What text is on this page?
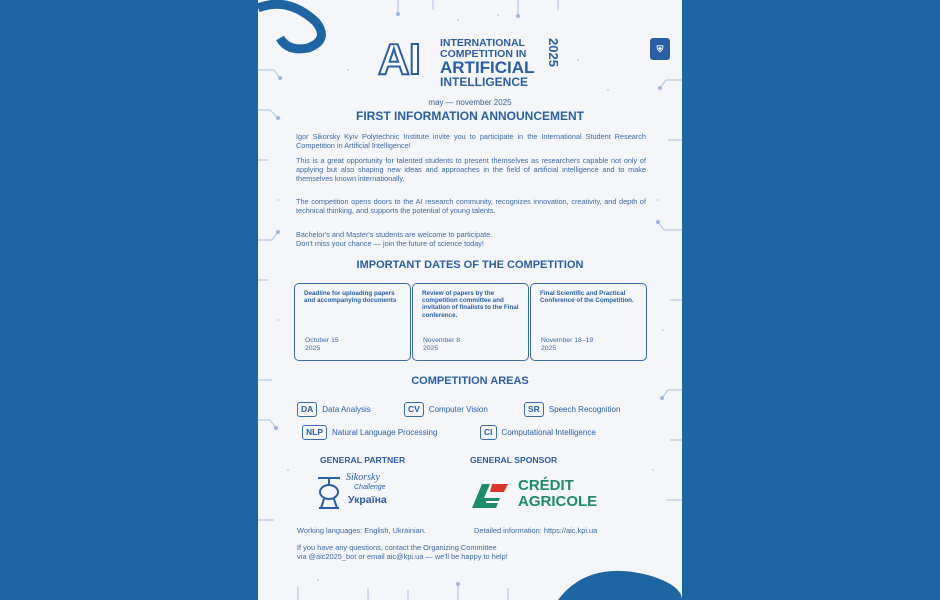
AI INTERNATIONAL
COMPETITION IN
ARTIFICIAL
INTELLIGENCE
2025	⛨
may — november 2025
FIRST INFORMATION ANNOUNCEMENT
Igor Sikorsky Kyiv Polytechnic Institute invite you to participate in the International Student Research Competition in Artificial Intelligence!
This is a great opportunity for talented students to present themselves as researchers capable not only of applying but also shaping new ideas and approaches in the field of artificial intelligence and to make themselves known internationally.
The competition opens doors to the AI research community, recognizes innovation, creativity, and depth of technical thinking, and supports the potential of young talents.
Bachelor's and Master's students are welcome to participate.
Don't miss your chance — join the future of science today!
IMPORTANT DATES OF THE COMPETITION
Deadline for uploading papers and accompanying documents
October 15
2025
Review of papers by the competition committee and invitation of finalists to the Final conference.
November 8
2025
Final Scientific and Practical Conference of the Competition.
November 18–19
2025
COMPETITION AREAS
DA	Data Analysis	CV	Computer Vision	SR	Speech Recognition
NLP	Natural Language Processing	CI	Computational Intelligence
GENERAL PARTNER	GENERAL SPONSOR
Sikorsky
Challenge
Україна
CRÉDIT
AGRICOLE
Working languages: English, Ukrainian.	Detailed information: https://aic.kpi.ua
If you have any questions, contact the Organizing Committee
via @aic2025_bot or email aic@kpi.ua — we'll be happy to help!
